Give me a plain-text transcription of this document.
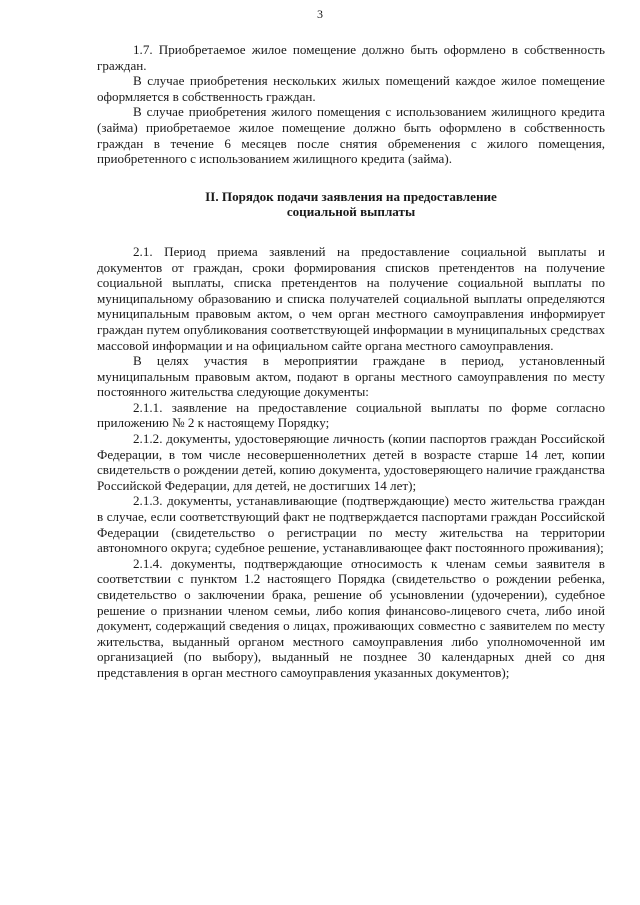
3

1.7. Приобретаемое жилое помещение должно быть оформлено в собственность граждан.

В случае приобретения нескольких жилых помещений каждое жилое помещение оформляется в собственность граждан.

В случае приобретения жилого помещения с использованием жилищного кредита (займа) приобретаемое жилое помещение должно быть оформлено в собственность граждан в течение 6 месяцев после снятия обременения с жилого помещения, приобретенного с использованием жилищного кредита (займа).

II. Порядок подачи заявления на предоставление
социальной выплаты

2.1. Период приема заявлений на предоставление социальной выплаты и документов от граждан, сроки формирования списков претендентов на получение социальной выплаты, списка претендентов на получение социальной выплаты по муниципальному образованию и списка получателей социальной выплаты определяются муниципальным правовым актом, о чем орган местного самоуправления информирует граждан путем опубликования соответствующей информации в муниципальных средствах массовой информации и на официальном сайте органа местного самоуправления.

В целях участия в мероприятии граждане в период, установленный муниципальным правовым актом, подают в органы местного самоуправления по месту постоянного жительства следующие документы:

2.1.1. заявление на предоставление социальной выплаты по форме согласно приложению № 2 к настоящему Порядку;

2.1.2. документы, удостоверяющие личность (копии паспортов граждан Российской Федерации, в том числе несовершеннолетних детей в возрасте старше 14 лет, копии свидетельств о рождении детей, копию документа, удостоверяющего наличие гражданства Российской Федерации, для детей, не достигших 14 лет);

2.1.3. документы, устанавливающие (подтверждающие) место жительства граждан в случае, если соответствующий факт не подтверждается паспортами граждан Российской Федерации (свидетельство о регистрации по месту жительства на территории автономного округа; судебное решение, устанавливающее факт постоянного проживания);

2.1.4. документы, подтверждающие относимость к членам семьи заявителя в соответствии с пунктом 1.2 настоящего Порядка (свидетельство о рождении ребенка, свидетельство о заключении брака, решение об усыновлении (удочерении), судебное решение о признании членом семьи, либо копия финансово-лицевого счета, либо иной документ, содержащий сведения о лицах, проживающих совместно с заявителем по месту жительства, выданный органом местного самоуправления либо уполномоченной им организацией (по выбору), выданный не позднее 30 календарных дней со дня представления в орган местного самоуправления указанных документов);
